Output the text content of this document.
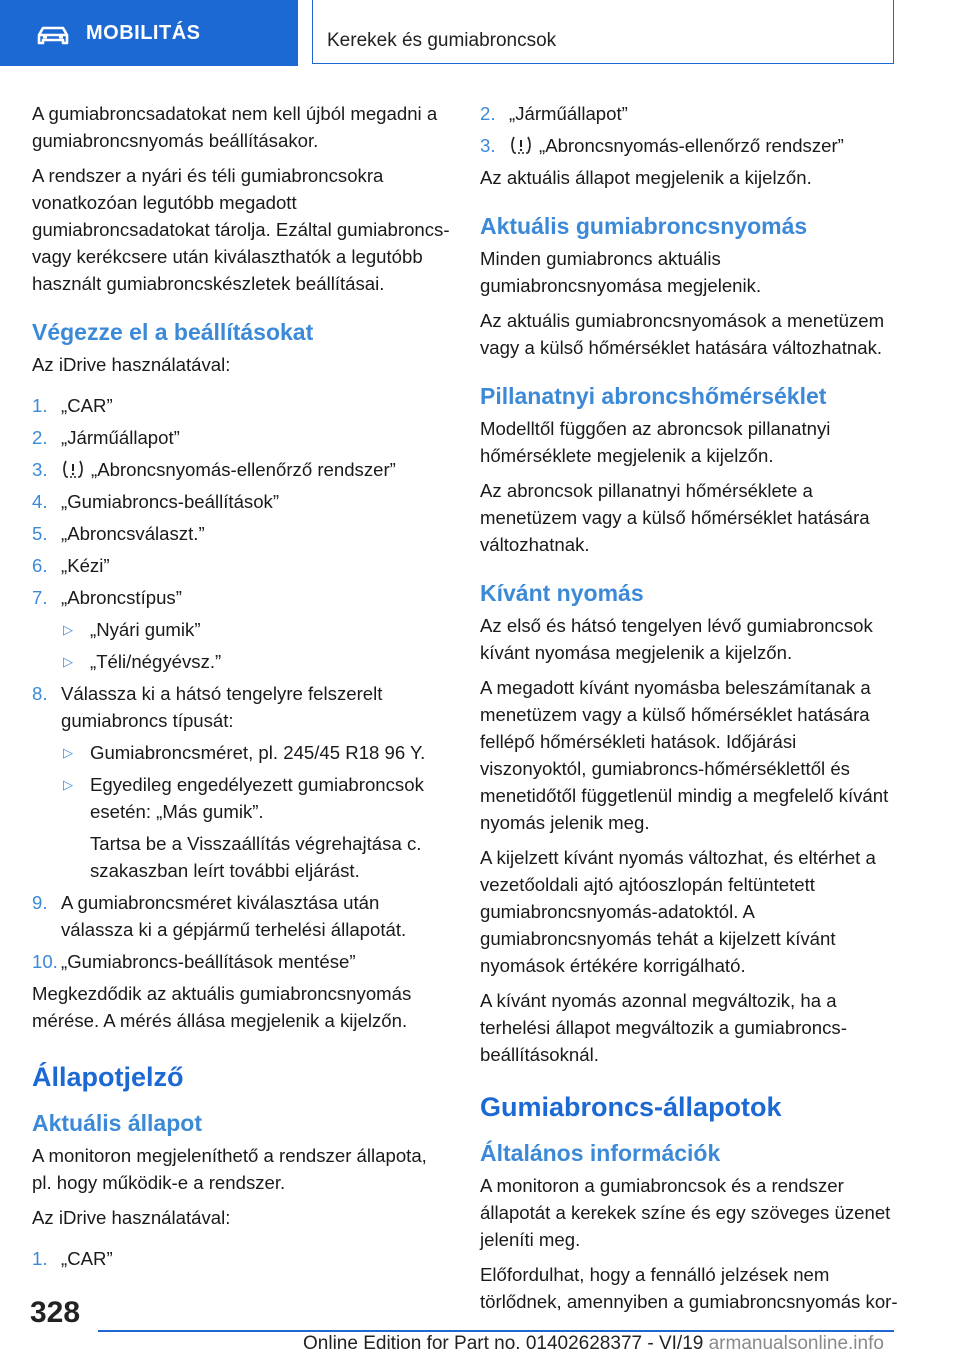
MOBILITÁS	Kerekek és gumiabroncsok

A gumiabroncsadatokat nem kell újból megadni a gumiabroncsnyomás beállításakor.

A rendszer a nyári és téli gumiabroncsokra vonatkozóan legutóbb megadott gumiabroncsadatokat tárolja. Ezáltal gumiabroncs- vagy kerékcsere után kiválaszthatók a legutóbb használt gumiabroncskészletek beállításai.

Végezze el a beállításokat

Az iDrive használatával:

1. „CAR”
2. „Járműállapot”
3. „Abroncsnyomás-ellenőrző rendszer”
4. „Gumiabroncs-beállítások”
5. „Abroncsválaszt.”
6. „Kézi”
7. „Abroncstípus”
▷ „Nyári gumik”
▷ „Téli/négyévsz.”
8. Válassza ki a hátsó tengelyre felszerelt gumiabroncs típusát:
▷ Gumiabroncsméret, pl. 245/45 R18 96 Y.
▷ Egyedileg engedélyezett gumiabroncsok esetén: „Más gumik”.
Tartsa be a Visszaállítás végrehajtása c. szakaszban leírt további eljárást.
9. A gumiabroncsméret kiválasztása után válassza ki a gépjármű terhelési állapotát.
10. „Gumiabroncs-beállítások mentése”

Megkezdődik az aktuális gumiabroncsnyomás mérése. A mérés állása megjelenik a kijelzőn.

Állapotjelző
Aktuális állapot

A monitoron megjeleníthető a rendszer állapota, pl. hogy működik-e a rendszer.

Az iDrive használatával:

1. „CAR”
2. „Járműállapot”
3. „Abroncsnyomás-ellenőrző rendszer”

Az aktuális állapot megjelenik a kijelzőn.

Aktuális gumiabroncsnyomás

Minden gumiabroncs aktuális gumiabroncsnyomása megjelenik.

Az aktuális gumiabroncsnyomások a menetüzem vagy a külső hőmérséklet hatására változhatnak.

Pillanatnyi abroncshőmérséklet

Modelltől függően az abroncsok pillanatnyi hőmérséklete megjelenik a kijelzőn.

Az abroncsok pillanatnyi hőmérséklete a menetüzem vagy a külső hőmérséklet hatására változhatnak.

Kívánt nyomás

Az első és hátsó tengelyen lévő gumiabroncsok kívánt nyomása megjelenik a kijelzőn.

A megadott kívánt nyomásba beleszámítanak a menetüzem vagy a külső hőmérséklet hatására fellépő hőmérsékleti hatások. Időjárási viszonyoktól, gumiabroncs-hőmérséklettől és menetidőtől függetlenül mindig a megfelelő kívánt nyomás jelenik meg.

A kijelzett kívánt nyomás változhat, és eltérhet a vezetőoldali ajtó ajtóoszlopán feltüntetett gumiabroncsnyomás-adatoktól. A gumiabroncsnyomás tehát a kijelzett kívánt nyomások értékére korrigálható.

A kívánt nyomás azonnal megváltozik, ha a terhelési állapot megváltozik a gumiabroncs-beállításoknál.

Gumiabroncs-állapotok
Általános információk

A monitoron a gumiabroncsok és a rendszer állapotát a kerekek színe és egy szöveges üzenet jeleníti meg.

Előfordulhat, hogy a fennálló jelzések nem törlődnek, amennyiben a gumiabroncsnyomás kor-

328
Online Edition for Part no. 01402628377 - VI/19 armanualsonline.info
